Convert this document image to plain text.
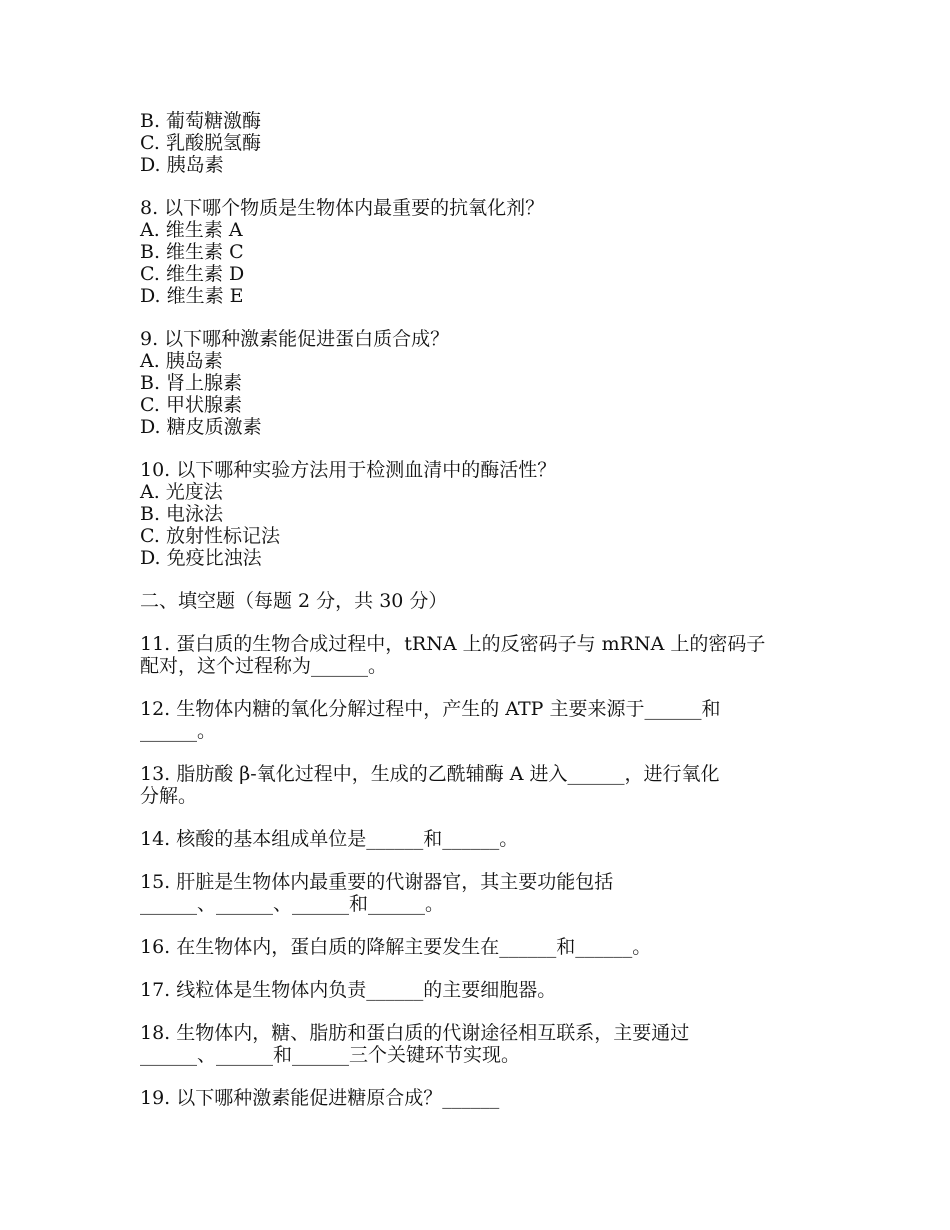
B. 葡萄糖激酶
C. 乳酸脱氢酶
D. 胰岛素
8. 以下哪个物质是生物体内最重要的抗氧化剂？
A. 维生素 A
B. 维生素 C
C. 维生素 D
D. 维生素 E
9. 以下哪种激素能促进蛋白质合成？
A. 胰岛素
B. 肾上腺素
C. 甲状腺素
D. 糖皮质激素
10. 以下哪种实验方法用于检测血清中的酶活性？
A. 光度法
B. 电泳法
C. 放射性标记法
D. 免疫比浊法
二、填空题（每题 2 分，共 30 分）
11. 蛋白质的生物合成过程中，tRNA 上的反密码子与 mRNA 上的密码子
配对，这个过程称为______。
12. 生物体内糖的氧化分解过程中，产生的 ATP 主要来源于______和
______。
13. 脂肪酸 β-氧化过程中，生成的乙酰辅酶 A 进入______，进行氧化
分解。
14. 核酸的基本组成单位是______和______。
15. 肝脏是生物体内最重要的代谢器官，其主要功能包括
______、______、______和______。
16. 在生物体内，蛋白质的降解主要发生在______和______。
17. 线粒体是生物体内负责______的主要细胞器。
18. 生物体内，糖、脂肪和蛋白质的代谢途径相互联系，主要通过
______、______和______三个关键环节实现。
19. 以下哪种激素能促进糖原合成？______
